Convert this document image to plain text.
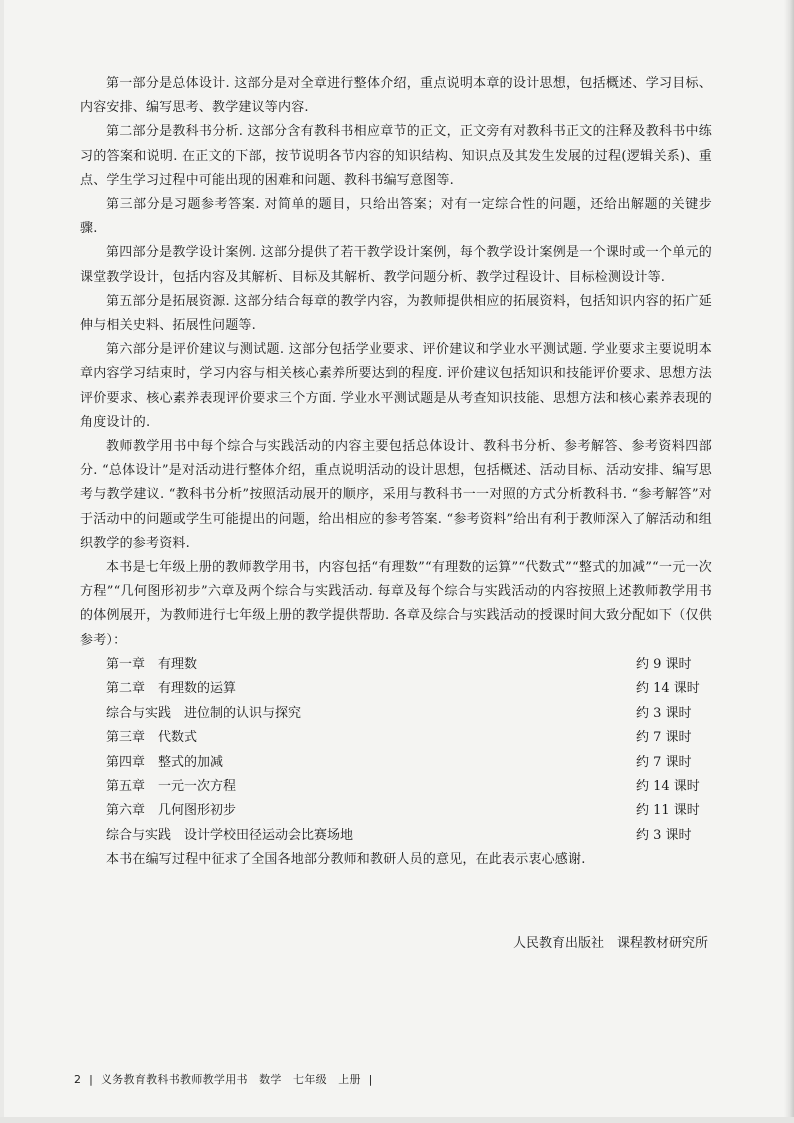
第一部分是总体设计. 这部分是对全章进行整体介绍，重点说明本章的设计思想，包括概述、学习目标、内容安排、编写思考、教学建议等内容.

第二部分是教科书分析. 这部分含有教科书相应章节的正文，正文旁有对教科书正文的注释及教科书中练习的答案和说明. 在正文的下部，按节说明各节内容的知识结构、知识点及其发生发展的过程(逻辑关系)、重点、学生学习过程中可能出现的困难和问题、教科书编写意图等.

第三部分是习题参考答案. 对简单的题目，只给出答案；对有一定综合性的问题，还给出解题的关键步骤.

第四部分是教学设计案例. 这部分提供了若干教学设计案例，每个教学设计案例是一个课时或一个单元的课堂教学设计，包括内容及其解析、目标及其解析、教学问题分析、教学过程设计、目标检测设计等.

第五部分是拓展资源. 这部分结合每章的教学内容，为教师提供相应的拓展资料，包括知识内容的拓广延伸与相关史料、拓展性问题等.

第六部分是评价建议与测试题. 这部分包括学业要求、评价建议和学业水平测试题. 学业要求主要说明本章内容学习结束时，学习内容与相关核心素养所要达到的程度. 评价建议包括知识和技能评价要求、思想方法评价要求、核心素养表现评价要求三个方面. 学业水平测试题是从考查知识技能、思想方法和核心素养表现的角度设计的.

教师教学用书中每个综合与实践活动的内容主要包括总体设计、教科书分析、参考解答、参考资料四部分. “总体设计”是对活动进行整体介绍，重点说明活动的设计思想，包括概述、活动目标、活动安排、编写思考与教学建议. “教科书分析”按照活动展开的顺序，采用与教科书一一对照的方式分析教科书. “参考解答”对于活动中的问题或学生可能提出的问题，给出相应的参考答案. “参考资料”给出有利于教师深入了解活动和组织教学的参考资料.

本书是七年级上册的教师教学用书，内容包括“有理数”“有理数的运算”“代数式”“整式的加减”“一元一次方程”“几何图形初步”六章及两个综合与实践活动. 每章及每个综合与实践活动的内容按照上述教师教学用书的体例展开，为教师进行七年级上册的教学提供帮助. 各章及综合与实践活动的授课时间大致分配如下（仅供参考）：

第一章　有理数	约 9 课时
第二章　有理数的运算	约 14 课时
综合与实践　进位制的认识与探究	约 3 课时
第三章　代数式	约 7 课时
第四章　整式的加减	约 7 课时
第五章　一元一次方程	约 14 课时
第六章　几何图形初步	约 11 课时
综合与实践　设计学校田径运动会比赛场地	约 3 课时

本书在编写过程中征求了全国各地部分教师和教研人员的意见，在此表示衷心感谢.

人民教育出版社　课程教材研究所
2 | 义务教育教科书教师教学用书　数学　七年级　上册 |
